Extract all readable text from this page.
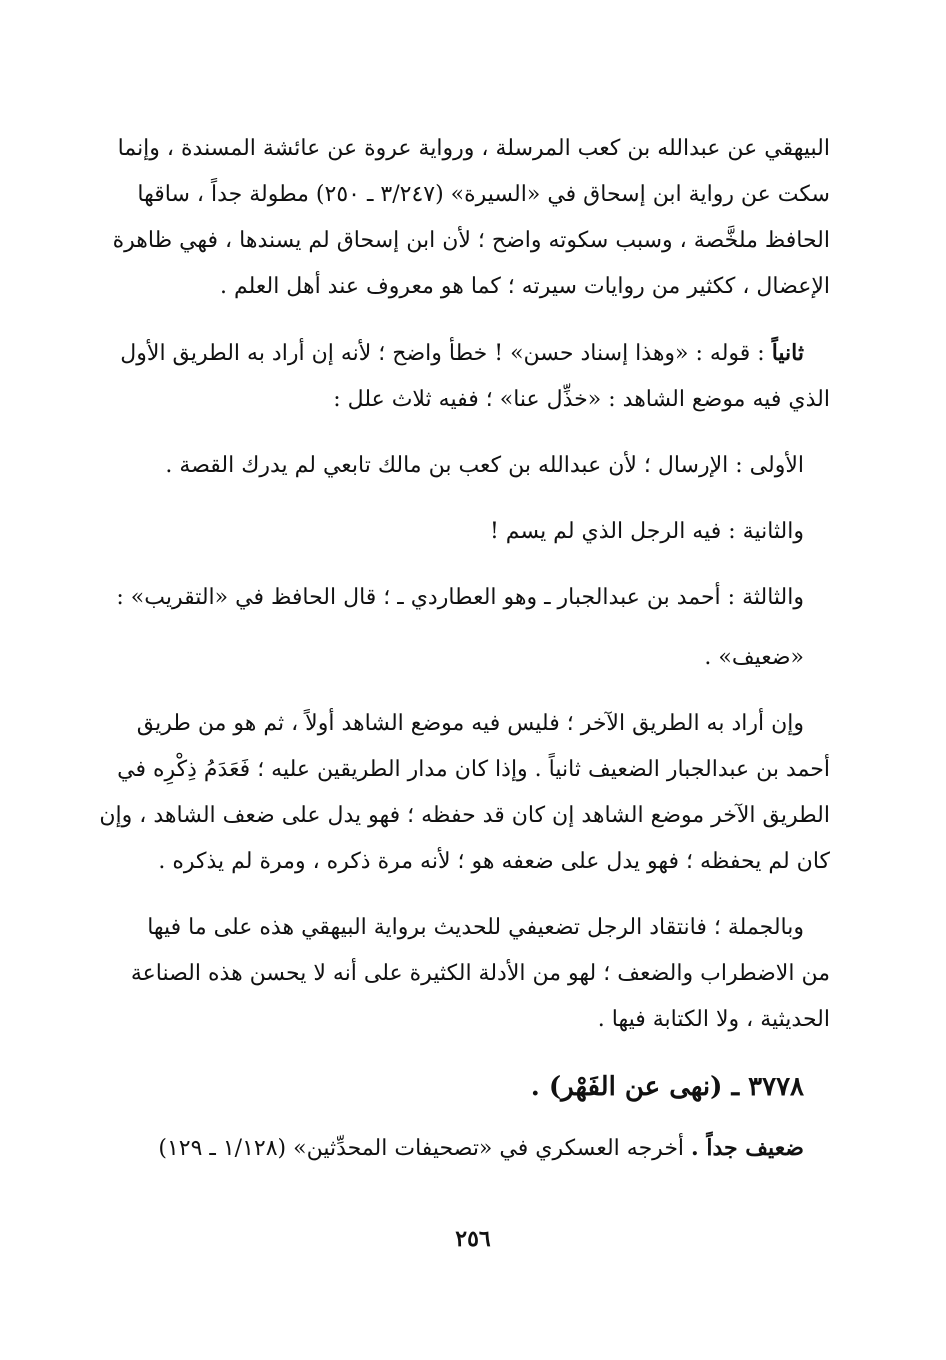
البيهقي عن عبدالله بن كعب المرسلة ، ورواية عروة عن عائشة المسندة ، وإنما
سكت عن رواية ابن إسحاق في «السيرة» (٣/٢٤٧ ـ ٢٥٠) مطولة جداً ، ساقها
الحافظ ملخَّصة ، وسبب سكوته واضح ؛ لأن ابن إسحاق لم يسندها ، فهي ظاهرة
الإعضال ، ككثير من روايات سيرته ؛ كما هو معروف عند أهل العلم .

ثانياً : قوله : «وهذا إسناد حسن» ! خطأ واضح ؛ لأنه إن أراد به الطريق الأول
الذي فيه موضع الشاهد : «خذِّل عنا» ؛ ففيه ثلاث علل :

الأولى : الإرسال ؛ لأن عبدالله بن كعب بن مالك تابعي لم يدرك القصة .

والثانية : فيه الرجل الذي لم يسم !

والثالثة : أحمد بن عبدالجبار ـ وهو العطاردي ـ ؛ قال الحافظ في «التقريب» :
«ضعيف» .

وإن أراد به الطريق الآخر ؛ فليس فيه موضع الشاهد أولاً ، ثم هو من طريق
أحمد بن عبدالجبار الضعيف ثانياً . وإذا كان مدار الطريقين عليه ؛ فَعَدَمُ ذِكْرِه في
الطريق الآخر موضع الشاهد إن كان قد حفظه ؛ فهو يدل على ضعف الشاهد ، وإن
كان لم يحفظه ؛ فهو يدل على ضعفه هو ؛ لأنه مرة ذكره ، ومرة لم يذكره .

وبالجملة ؛ فانتقاد الرجل تضعيفي للحديث برواية البيهقي هذه على ما فيها
من الاضطراب والضعف ؛ لهو من الأدلة الكثيرة على أنه لا يحسن هذه الصناعة
الحديثية ، ولا الكتابة فيها .

٣٧٧٨ ـ (نهى عن الفَهْر) .

ضعيف جداً . أخرجه العسكري في «تصحيفات المحدِّثين» (١/١٢٨ ـ ١٢٩)

٢٥٦
